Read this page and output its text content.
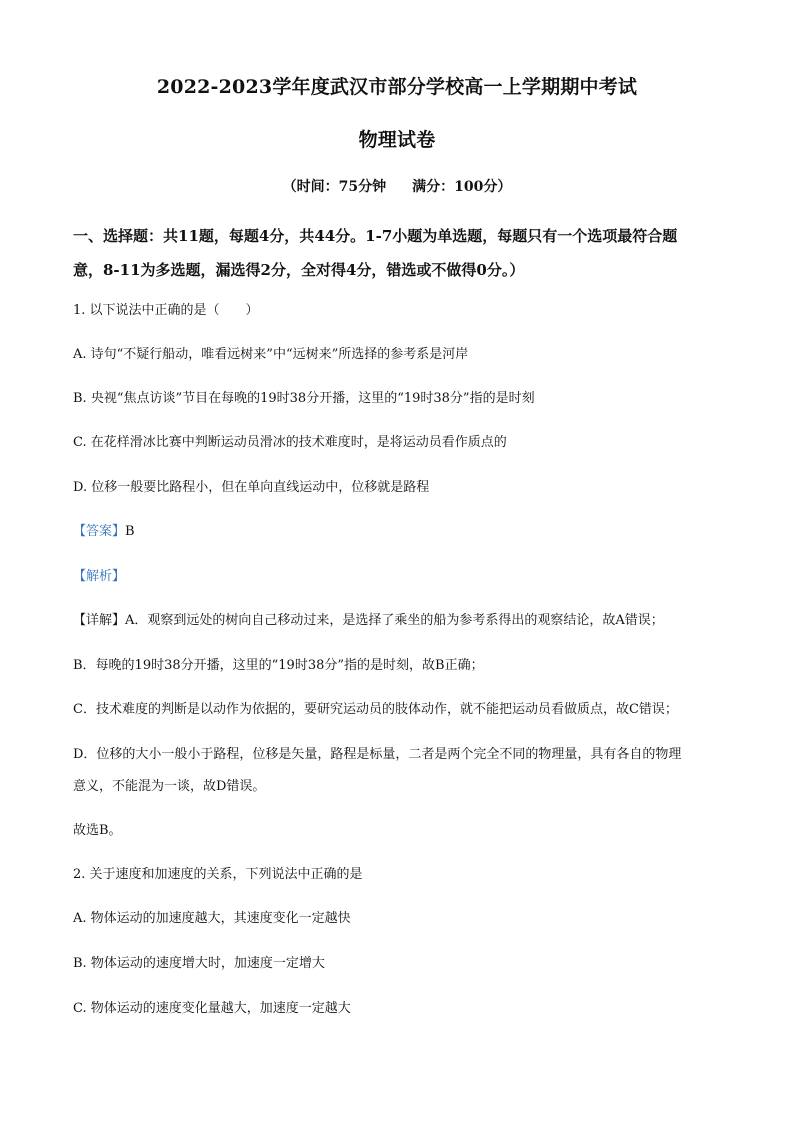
2022-2023学年度武汉市部分学校高一上学期期中考试
物理试卷
（时间：75分钟 满分：100分）
一、选择题：共11题，每题4分，共44分。1-7小题为单选题，每题只有一个选项最符合题
意，8-11为多选题，漏选得2分，全对得4分，错选或不做得0分。）
1. 以下说法中正确的是（　　）
A. 诗句“不疑行船动，唯看远树来”中“远树来”所选择的参考系是河岸
B. 央视“焦点访谈”节目在每晚的19时38分开播，这里的“19时38分”指的是时刻
C. 在花样滑冰比赛中判断运动员滑冰的技术难度时，是将运动员看作质点的
D. 位移一般要比路程小，但在单向直线运动中，位移就是路程
【答案】B
【解析】
【详解】A．观察到远处的树向自己移动过来，是选择了乘坐的船为参考系得出的观察结论，故A错误；
B．每晚的19时38分开播，这里的“19时38分”指的是时刻，故B正确；
C．技术难度的判断是以动作为依据的，要研究运动员的肢体动作，就不能把运动员看做质点，故C错误；
D．位移的大小一般小于路程，位移是矢量，路程是标量，二者是两个完全不同的物理量，具有各自的物理
意义，不能混为一谈，故D错误。
故选B。
2. 关于速度和加速度的关系，下列说法中正确的是
A. 物体运动的加速度越大，其速度变化一定越快
B. 物体运动的速度增大时，加速度一定增大
C. 物体运动的速度变化量越大，加速度一定越大
